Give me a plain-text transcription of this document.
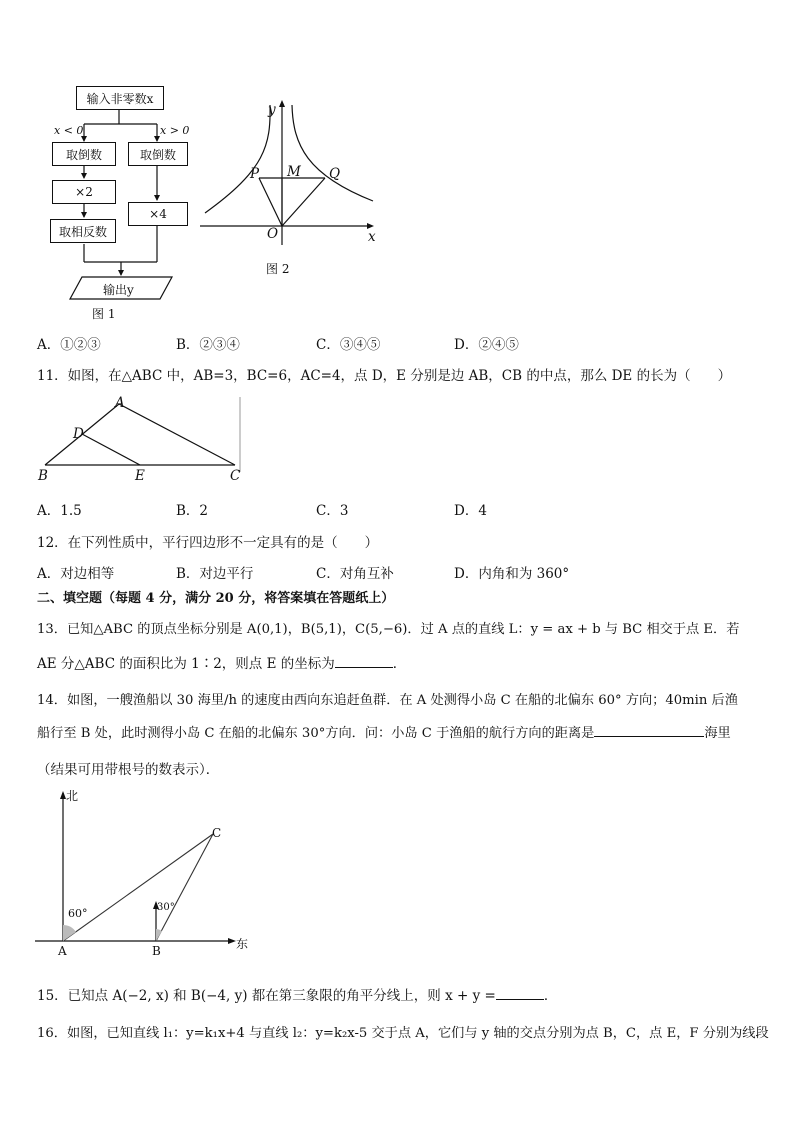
输入非零数x
x < 0	x > 0
取倒数	取倒数
×2
×4
取相反数
输出y
图 1
y
x
P M Q
O
图 2
A．①②③	B．②③④	C．③④⑤	D．②④⑤
11．如图，在△ABC 中，AB=3，BC=6，AC=4，点 D，E 分别是边 AB，CB 的中点，那么 DE 的长为（　　）
A
D
B	E	C
A．1.5	B．2	C．3	D．4
12．在下列性质中，平行四边形不一定具有的是（　　）
A．对边相等	B．对边平行	C．对角互补	D．内角和为 360°
二、填空题（每题 4 分，满分 20 分，将答案填在答题纸上）
13．已知△ABC 的顶点坐标分别是 A(0,1)，B(5,1)，C(5,−6)．过 A 点的直线 L：y = ax + b 与 BC 相交于点 E．若
AE 分△ABC 的面积比为 1∶2，则点 E 的坐标为	．
14．如图，一艘渔船以 30 海里/h 的速度由西向东追赶鱼群．在 A 处测得小岛 C 在船的北偏东 60° 方向；40min 后渔
船行至 B 处，此时测得小岛 C 在船的北偏东 30°方向．问：小岛 C 于渔船的航行方向的距离是	海里
（结果可用带根号的数表示）．
北
东
A	B
C
60°	30°
15．已知点 A(−2, x) 和 B(−4, y) 都在第三象限的角平分线上，则 x + y =	．
16．如图，已知直线 l₁：y=k₁x+4 与直线 l₂：y=k₂x-5 交于点 A，它们与 y 轴的交点分别为点 B，C，点 E，F 分别为线段
